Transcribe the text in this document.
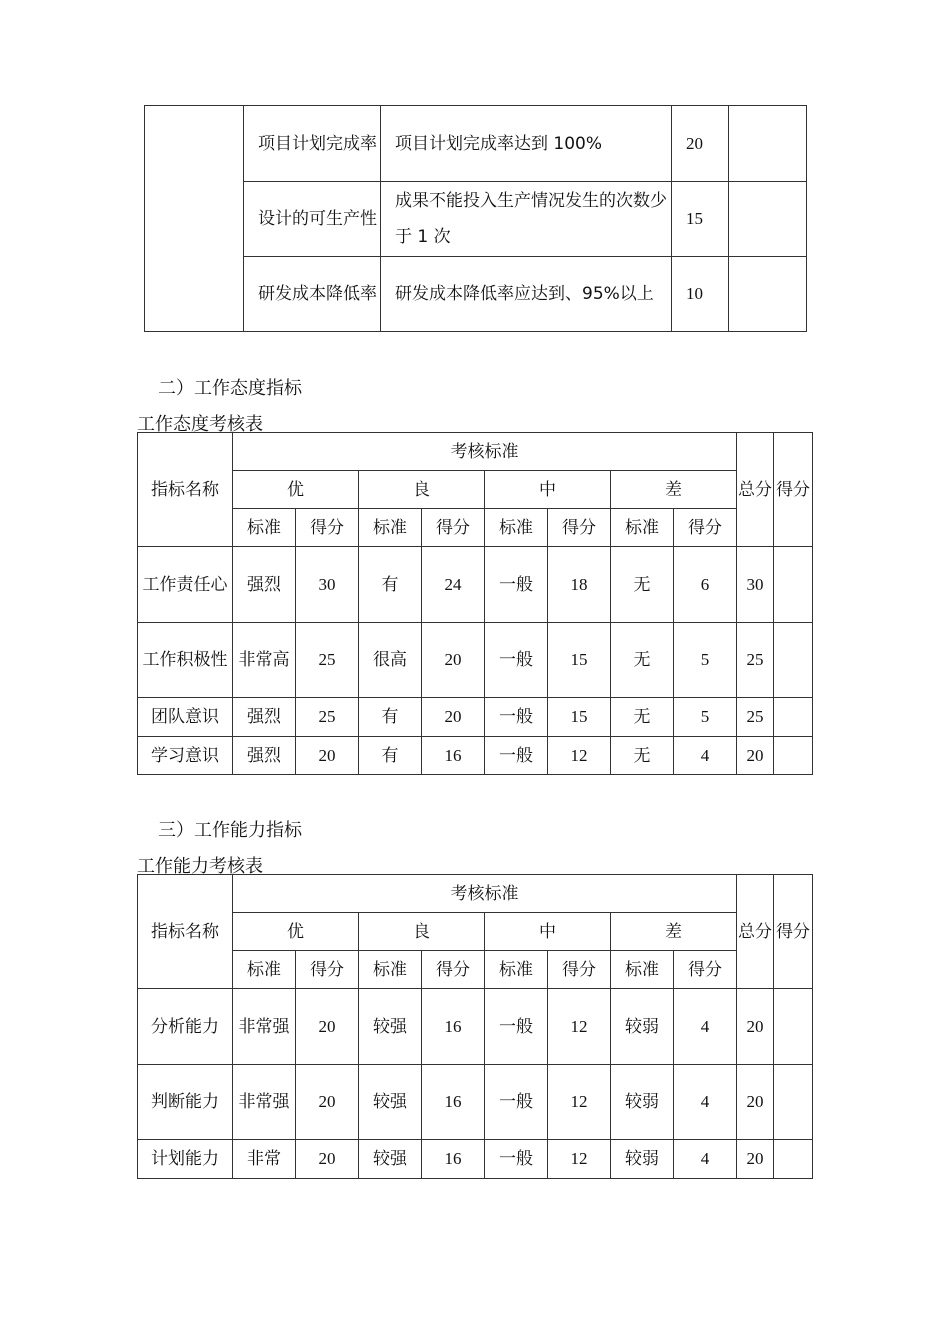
	项目计划完成率	项目计划完成率达到 100%	20	
	设计的可生产性	成果不能投入生产情况发生的次数少于 1 次	15	
	研发成本降低率	研发成本降低率应达到、95%以上	10	
二）工作态度指标
工作态度考核表
指标名称	考核标准								总分	得分
	优		良		中		差			
	标准	得分	标准	得分	标准	得分	标准	得分		
工作责任心	强烈	30	有	24	一般	18	无	6	30	
工作积极性	非常高	25	很高	20	一般	15	无	5	25	
团队意识	强烈	25	有	20	一般	15	无	5	25	
学习意识	强烈	20	有	16	一般	12	无	4	20	
三）工作能力指标
工作能力考核表
指标名称	考核标准								总分	得分
	优		良		中		差			
	标准	得分	标准	得分	标准	得分	标准	得分		
分析能力	非常强	20	较强	16	一般	12	较弱	4	20	
判断能力	非常强	20	较强	16	一般	12	较弱	4	20	
计划能力	非常	20	较强	16	一般	12	较弱	4	20	
